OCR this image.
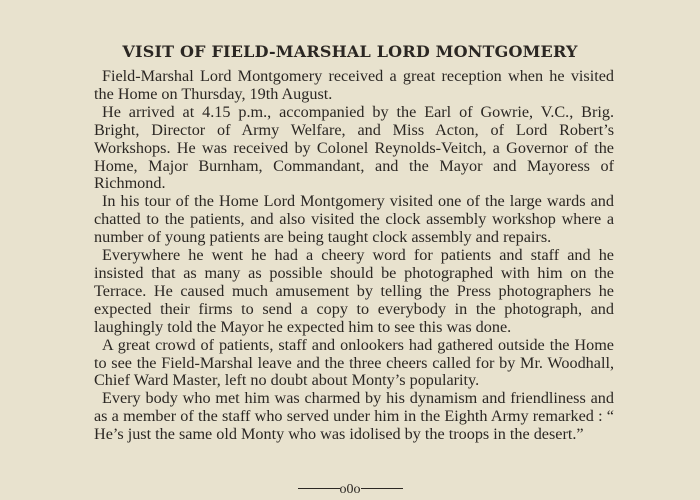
VISIT OF FIELD-MARSHAL LORD MONTGOMERY

Field-Marshal Lord Montgomery received a great reception when he visited the Home on Thursday, 19th August.

He arrived at 4.15 p.m., accompanied by the Earl of Gowrie, V.C., Brig. Bright, Director of Army Welfare, and Miss Acton, of Lord Robert’s Workshops. He was received by Colonel Reynolds-Veitch, a Governor of the Home, Major Burnham, Commandant, and the Mayor and Mayoress of Richmond.

In his tour of the Home Lord Montgomery visited one of the large wards and chatted to the patients, and also visited the clock assembly workshop where a number of young patients are being taught clock assembly and repairs.

Everywhere he went he had a cheery word for patients and staff and he insisted that as many as possible should be photographed with him on the Terrace. He caused much amusement by telling the Press photographers he expected their firms to send a copy to everybody in the photograph, and laughingly told the Mayor he expected him to see this was done.

A great crowd of patients, staff and onlookers had gathered outside the Home to see the Field-Marshal leave and the three cheers called for by Mr. Woodhall, Chief Ward Master, left no doubt about Monty’s popularity.

Every body who met him was charmed by his dynamism and friendliness and as a member of the staff who served under him in the Eighth Army remarked : “ He’s just the same old Monty who was idolised by the troops in the desert.”

o0o
